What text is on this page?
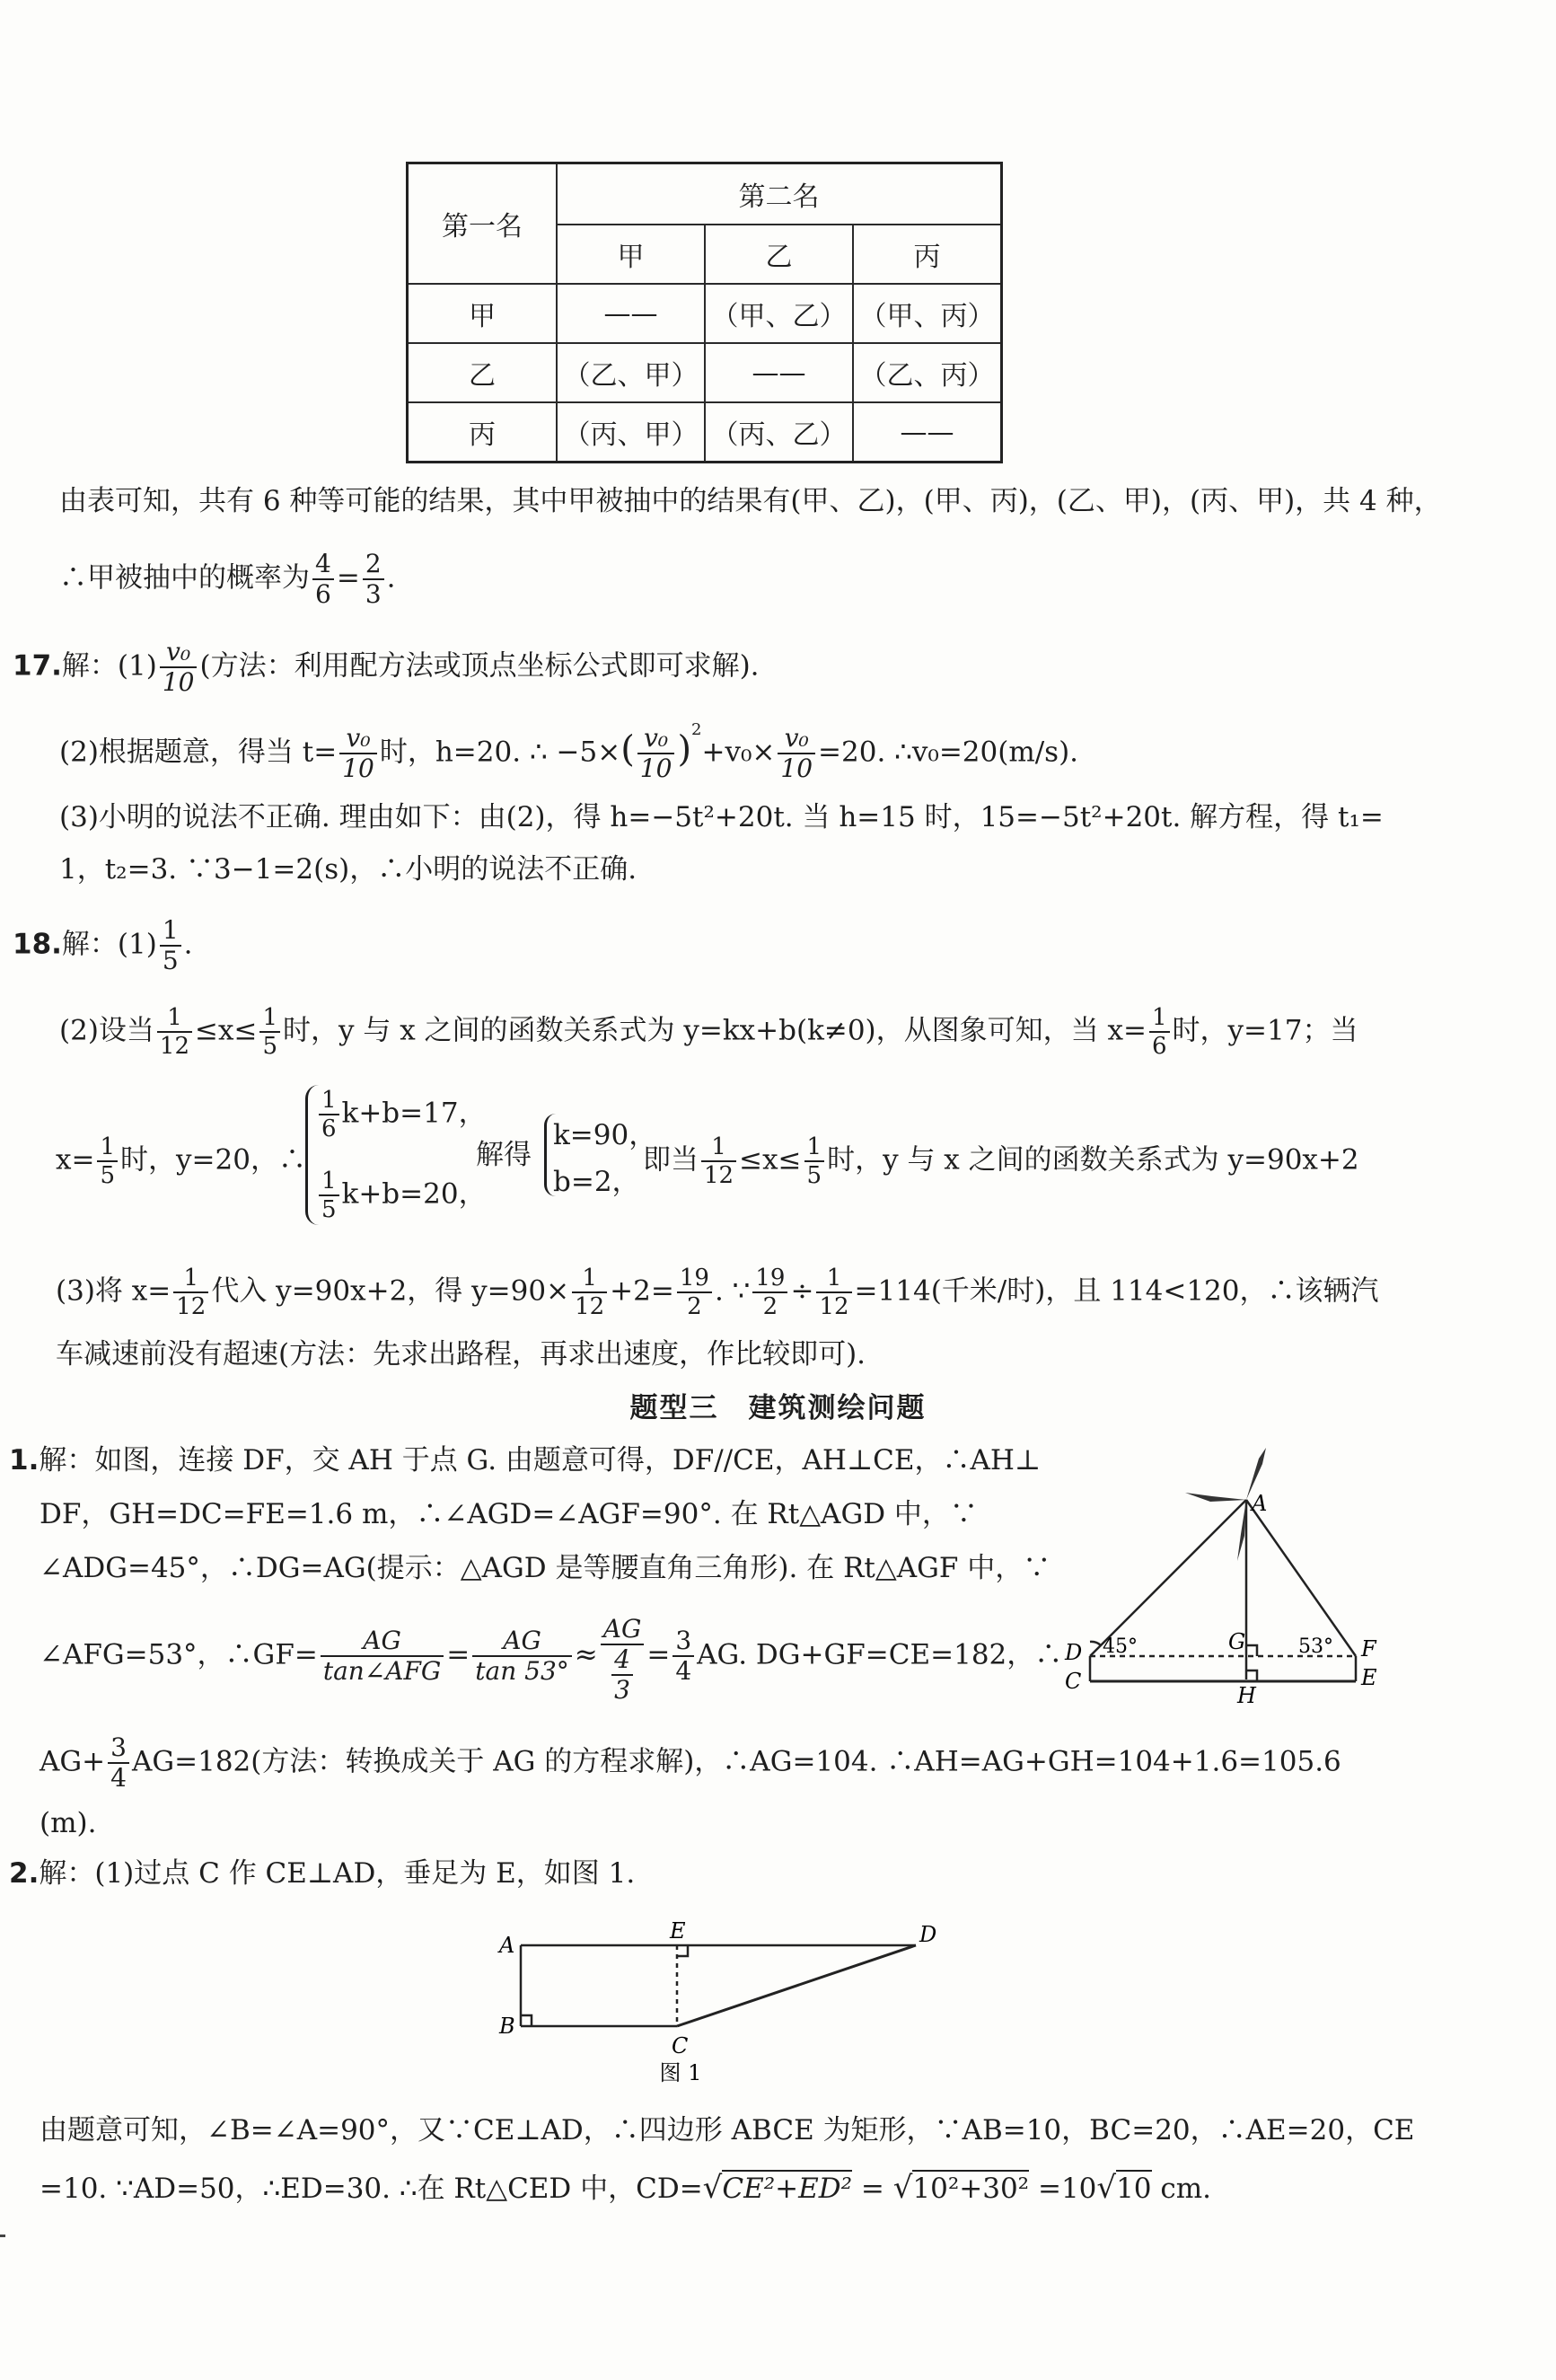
第一名	第二名		
	甲	乙	丙
甲	——	（甲、乙）	（甲、丙）
乙	（乙、甲）	——	（乙、丙）
丙	（丙、甲）	（丙、乙）	——
由表可知，共有 6 种等可能的结果，其中甲被抽中的结果有(甲、乙)，(甲、丙)，(乙、甲)，(丙、甲)，共 4 种，
∴甲被抽中的概率为 $\frac{4}{6} = \frac{2}{3}$ .
17.解：$(1) \frac{\text{v₀}}{10}$ (方法：利用配方法或顶点坐标公式即可求解).
(2)根据题意，得当 $t= \frac{\text{v₀}}{10}$ 时，h=20. ∴ $-5\times( \frac{\text{v₀}}{10} )^2+v_0\times \frac{\text{v₀}}{10} =20$. ∴v₀=20(m/s).
(3)小明的说法不正确. 理由如下：由(2)，得 h=−5t²+20t. 当 h=15 时，15=−5t²+20t. 解方程，得 t₁=
1，t₂=3. ∵3−1=2(s)，∴小明的说法不正确.
18.解：$(1) \frac{1}{5}$ .
(2)设当 $\frac{1}{12} \le x\le \frac{1}{5}$ 时，y 与 x 之间的函数关系式为 y=kx+b(k≠0)，从图象可知，当 $x= \frac{1}{6}$ 时，y=17；当
$x= \frac{1}{5}$ 时，y=20，∴
$\frac{1}{6} k+b=17$，
$\frac{1}{5} k+b=20$，
解得
k=90，
b=2，
即当 $\frac{1}{12} \le x\le \frac{1}{5}$ 时，y 与 x 之间的函数关系式为 y=90x+2
(3)将 $x= \frac{1}{12}$ 代入 y=90x+2，得 $y=90\times \frac{1}{12} +2= \frac{19}{2}$ . ∵ $\frac{19}{2} \div \frac{1}{12} =114$(千米/时)，且 114<120，∴该辆汽
车减速前没有超速(方法：先求出路程，再求出速度，作比较即可).
题型三　建筑测绘问题
1.解：如图，连接 DF，交 AH 于点 G. 由题意可得，DF//CE，AH⊥CE，∴AH⊥
DF，GH=DC=FE=1.6 m，∴∠AGD=∠AGF=90°. 在 Rt△AGD 中，∵
∠ADG=45°，∴DG=AG(提示：△AGD 是等腰直角三角形). 在 Rt△AGF 中，∵
∠AFG=53°，∴GF= $\frac{AG}{\text{tan∠AFG}} = \frac{AG}{\tan 53^\circ} \approx \frac{AG}{\frac{4}{3}} = \frac{3}{4}$ AG. DG+GF=CE=182，∴
$AG+ \frac{3}{4} AG=182$(方法：转换成关于 AG 的方程求解)，∴AG=104. ∴AH=AG+GH=104+1.6=105.6
(m).
A
D
C
G
H
F
E
45°	53°
2.解：(1)过点 C 作 CE⊥AD，垂足为 E，如图 1.
A
B
C
D
E
图 1
由题意可知，∠B=∠A=90°，又∵CE⊥AD，∴四边形 ABCE 为矩形，∵AB=10，BC=20，∴AE=20，CE
=10. ∵AD=50，∴ED=30. ∴在 Rt△CED 中，CD=√CE²+ED² = √10²+30² =10√10 cm.
